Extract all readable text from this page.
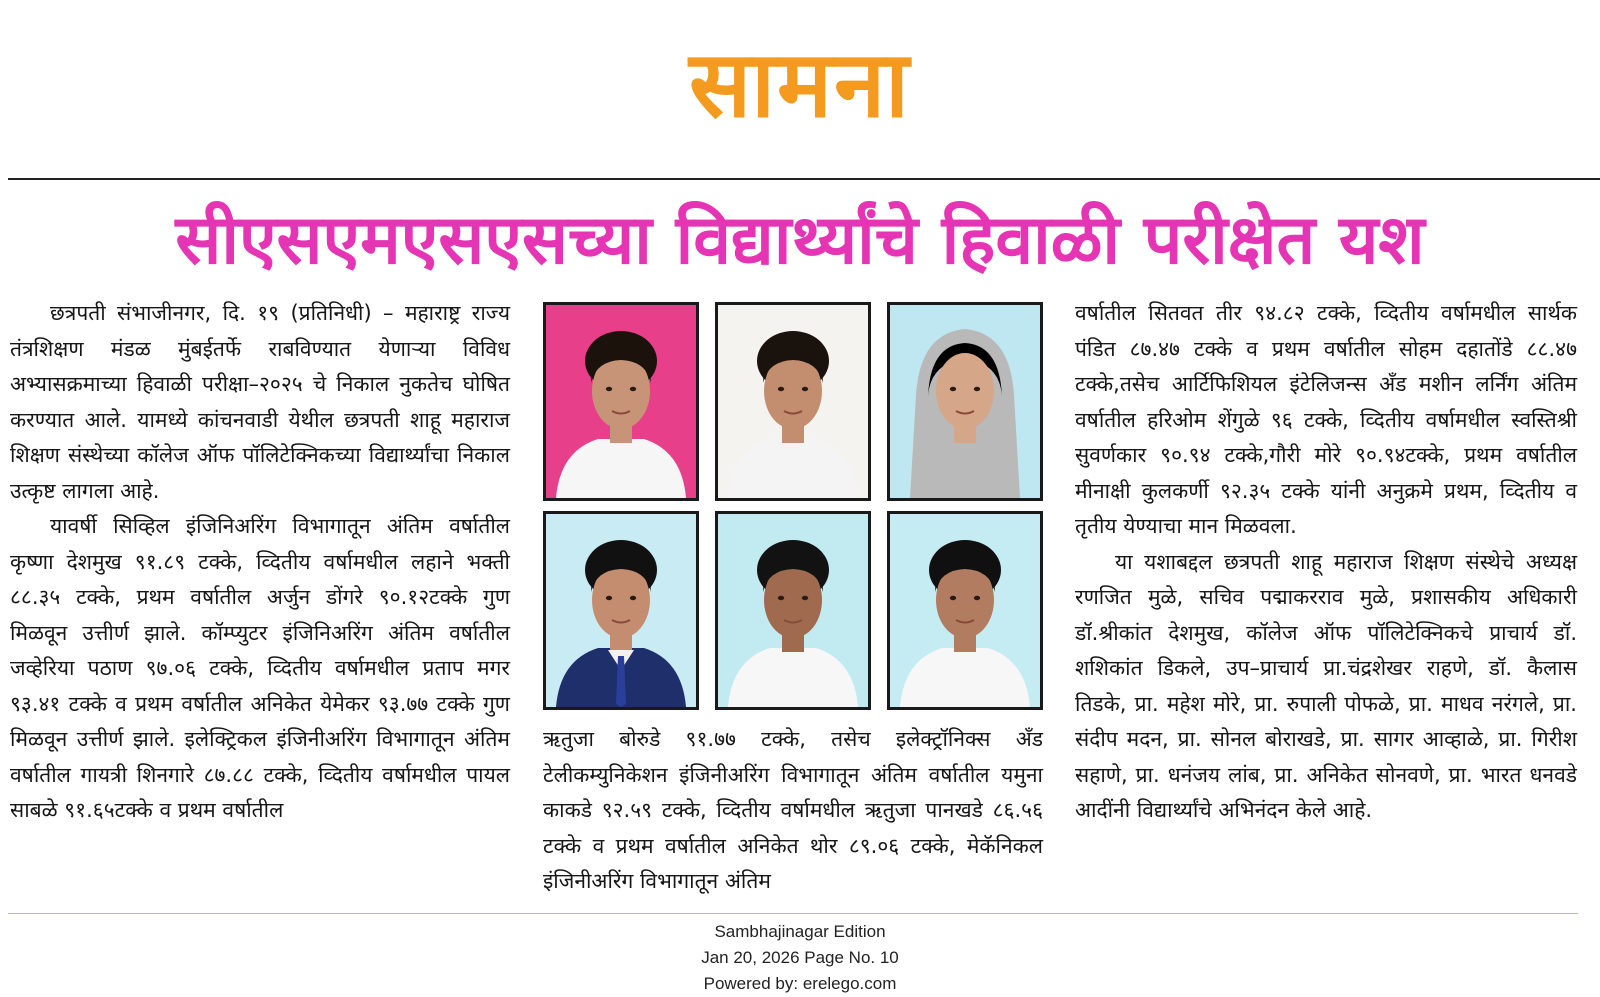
सामना
सीएसएमएसएसच्या विद्यार्थ्यांचे हिवाळी परीक्षेत यश

छत्रपती संभाजीनगर, दि. १९ (प्रतिनिधी) – महाराष्ट्र राज्य तंत्रशिक्षण मंडळ मुंबईतर्फे राबविण्यात येणाऱ्या विविध अभ्यासक्रमाच्या हिवाळी परीक्षा–२०२५ चे निकाल नुकतेच घोषित करण्यात आले. यामध्ये कांचनवाडी येथील छत्रपती शाहू महाराज शिक्षण संस्थेच्या कॉलेज ऑफ पॉलिटेक्निकच्या विद्यार्थ्यांचा निकाल उत्कृष्ट लागला आहे.

यावर्षी सिव्हिल इंजिनिअरिंग विभागातून अंतिम वर्षातील कृष्णा देशमुख ९१.८९ टक्के, व्दितीय वर्षामधील लहाने भक्ती ८८.३५ टक्के, प्रथम वर्षातील अर्जुन डोंगरे ९०.१२टक्के गुण मिळवून उत्तीर्ण झाले. कॉम्प्युटर इंजिनिअरिंग अंतिम वर्षातील जव्हेरिया पठाण ९७.०६ टक्के, व्दितीय वर्षामधील प्रताप मगर ९३.४१ टक्के व प्रथम वर्षातील अनिकेत येमेकर ९३.७७ टक्के गुण मिळवून उत्तीर्ण झाले. इलेक्ट्रिकल इंजिनीअरिंग विभागातून अंतिम वर्षातील गायत्री शिनगारे ८७.८८ टक्के, व्दितीय वर्षामधील पायल साबळे ९१.६५टक्के व प्रथम वर्षातील

ऋतुजा बोरुडे ९१.७७ टक्के, तसेच इलेक्ट्रॉनिक्स अँड टेलीकम्युनिकेशन इंजिनीअरिंग विभागातून अंतिम वर्षातील यमुना काकडे ९२.५९ टक्के, व्दितीय वर्षामधील ऋतुजा पानखडे ८६.५६ टक्के व प्रथम वर्षातील अनिकेत थोर ८९.०६ टक्के, मेकॅनिकल इंजिनीअरिंग विभागातून अंतिम

वर्षातील सितवत तीर ९४.८२ टक्के, व्दितीय वर्षामधील सार्थक पंडित ८७.४७ टक्के व प्रथम वर्षातील सोहम दहातोंडे ८८.४७ टक्के,तसेच आर्टिफिशियल इंटेलिजन्स अँड मशीन लर्निंग अंतिम वर्षातील हरिओम शेंगुळे ९६ टक्के, व्दितीय वर्षामधील स्वस्तिश्री सुवर्णकार ९०.९४ टक्के,गौरी मोरे ९०.९४टक्के, प्रथम वर्षातील मीनाक्षी कुलकर्णी ९२.३५ टक्के यांनी अनुक्रमे प्रथम, व्दितीय व तृतीय येण्याचा मान मिळवला.

या यशाबद्दल छत्रपती शाहू महाराज शिक्षण संस्थेचे अध्यक्ष रणजित मुळे, सचिव पद्माकरराव मुळे, प्रशासकीय अधिकारी डॉ.श्रीकांत देशमुख, कॉलेज ऑफ पॉलिटेक्निकचे प्राचार्य डॉ. शशिकांत डिकले, उप–प्राचार्य प्रा.चंद्रशेखर राहणे, डॉ. कैलास तिडके, प्रा. महेश मोरे, प्रा. रुपाली पोफळे, प्रा. माधव नरंगले, प्रा. संदीप मदन, प्रा. सोनल बोराखडे, प्रा. सागर आव्हाळे, प्रा. गिरीश सहाणे, प्रा. धनंजय लांब, प्रा. अनिकेत सोनवणे, प्रा. भारत धनवडे आदींनी विद्यार्थ्यांचे अभिनंदन केले आहे.

Sambhajinagar Edition
Jan 20, 2026 Page No. 10
Powered by: erelego.com
